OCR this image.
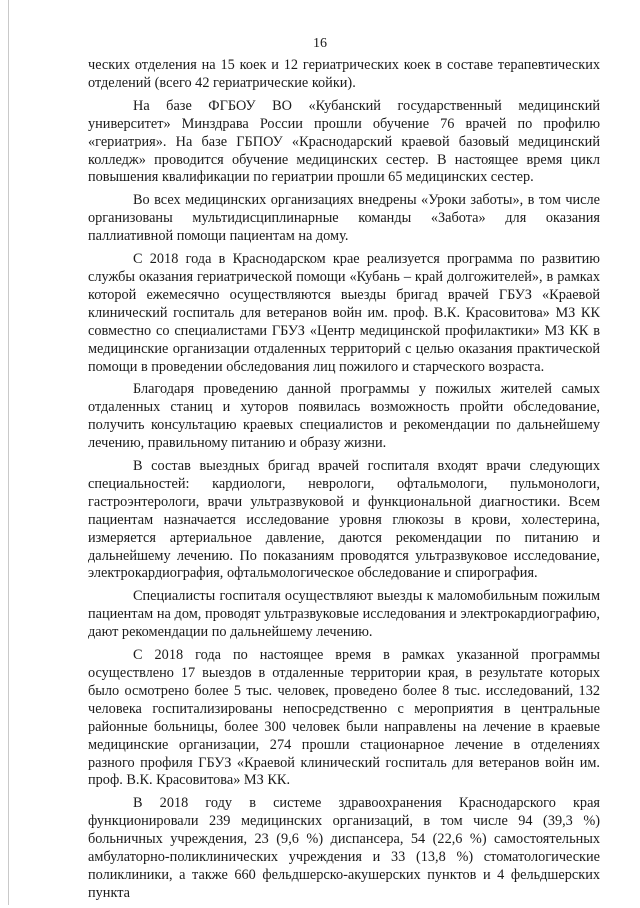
16

ческих отделения на 15 коек и 12 гериатрических коек в составе терапевтических отделений (всего 42 гериатрические койки).

На базе ФГБОУ ВО «Кубанский государственный медицинский университет» Минздрава России прошли обучение 76 врачей по профилю «гериатрия». На базе ГБПОУ «Краснодарский краевой базовый медицинский колледж» проводится обучение медицинских сестер. В настоящее время цикл повышения квалификации по гериатрии прошли 65 медицинских сестер.

Во всех медицинских организациях внедрены «Уроки заботы», в том числе организованы мультидисциплинарные команды «Забота» для оказания паллиативной помощи пациентам на дому.

С 2018 года в Краснодарском крае реализуется программа по развитию службы оказания гериатрической помощи «Кубань – край долгожителей», в рамках которой ежемесячно осуществляются выезды бригад врачей ГБУЗ «Краевой клинический госпиталь для ветеранов войн им. проф. В.К. Красовитова» МЗ КК совместно со специалистами ГБУЗ «Центр медицинской профилактики» МЗ КК в медицинские организации отдаленных территорий с целью оказания практической помощи в проведении обследования лиц пожилого и старческого возраста.

Благодаря проведению данной программы у пожилых жителей самых отдаленных станиц и хуторов появилась возможность пройти обследование, получить консультацию краевых специалистов и рекомендации по дальнейшему лечению, правильному питанию и образу жизни.

В состав выездных бригад врачей госпиталя входят врачи следующих специальностей: кардиологи, неврологи, офтальмологи, пульмонологи, гастроэнтерологи, врачи ультразвуковой и функциональной диагностики. Всем пациентам назначается исследование уровня глюкозы в крови, холестерина, измеряется артериальное давление, даются рекомендации по питанию и дальнейшему лечению. По показаниям проводятся ультразвуковое исследование, электрокардиография, офтальмологическое обследование и спирография.

Специалисты госпиталя осуществляют выезды к маломобильным пожилым пациентам на дом, проводят ультразвуковые исследования и электрокардиографию, дают рекомендации по дальнейшему лечению.

С 2018 года по настоящее время в рамках указанной программы осуществлено 17 выездов в отдаленные территории края, в результате которых было осмотрено более 5 тыс. человек, проведено более 8 тыс. исследований, 132 человека госпитализированы непосредственно с мероприятия в центральные районные больницы, более 300 человек были направлены на лечение в краевые медицинские организации, 274 прошли стационарное лечение в отделениях разного профиля ГБУЗ «Краевой клинический госпиталь для ветеранов войн им. проф. В.К. Красовитова» МЗ КК.

В 2018 году в системе здравоохранения Краснодарского края функционировали 239 медицинских организаций, в том числе 94 (39,3 %) больничных учреждения, 23 (9,6 %) диспансера, 54 (22,6 %) самостоятельных амбулаторно-поликлинических учреждения и 33 (13,8 %) стоматологические поликлиники, а также 660 фельдшерско-акушерских пунктов и 4 фельдшерских пункта
